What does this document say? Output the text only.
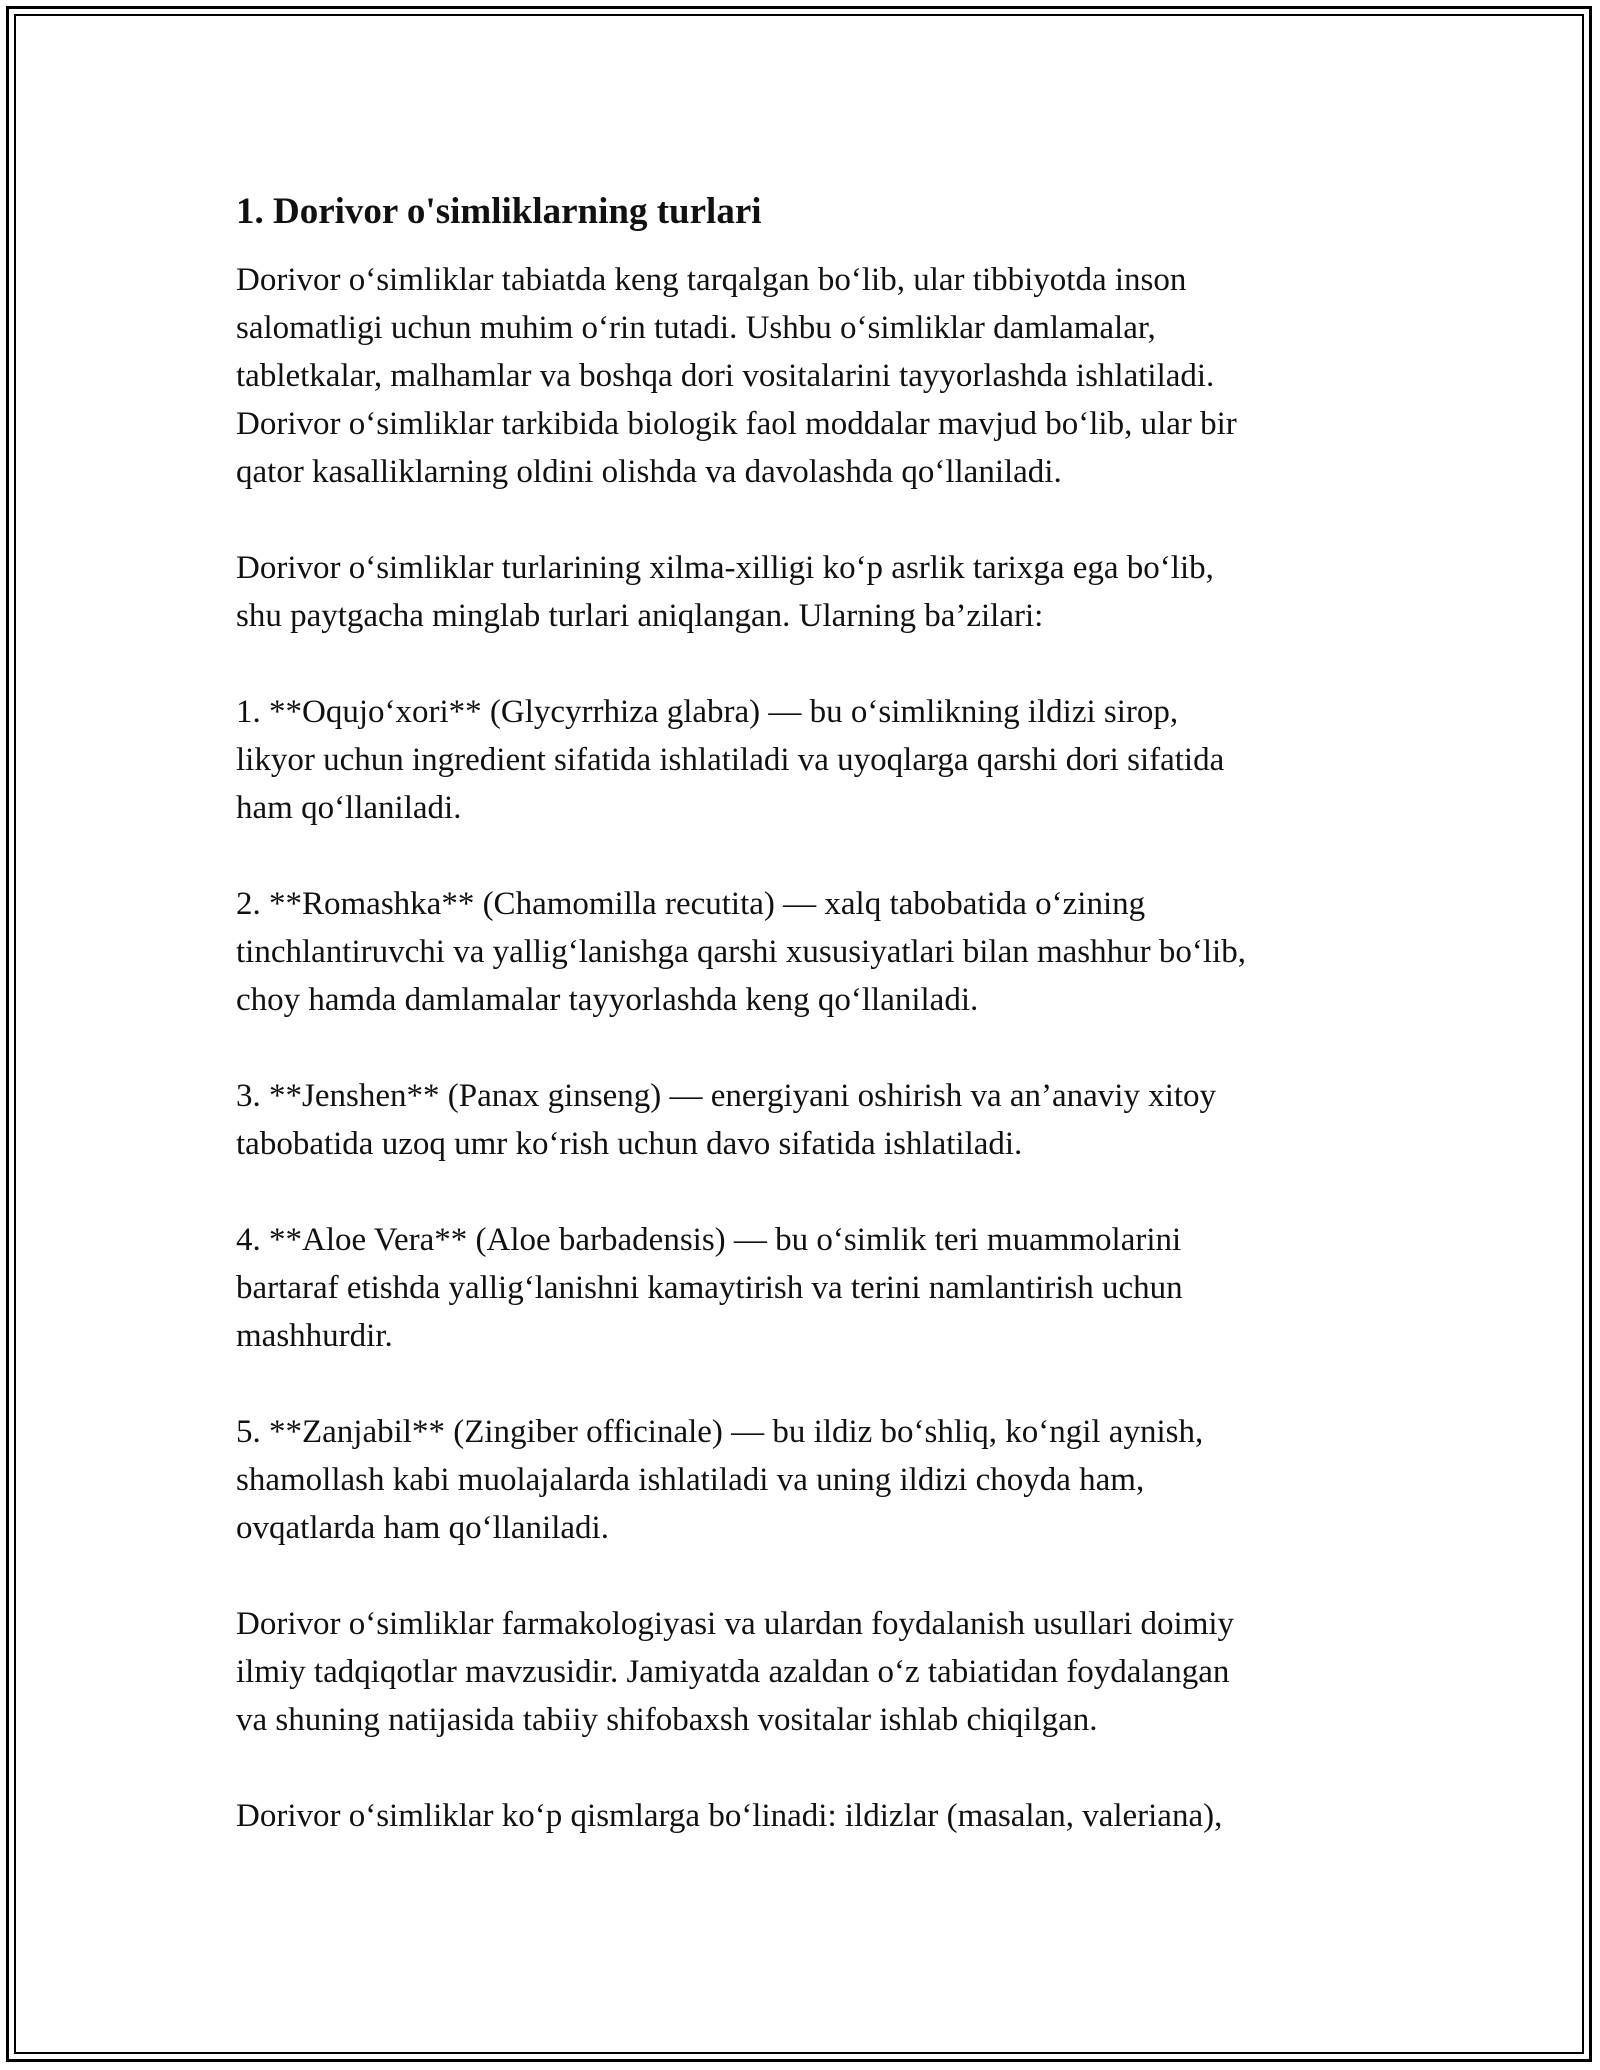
1. Dorivor o'simliklarning turlari
Dorivor o‘simliklar tabiatda keng tarqalgan bo‘lib, ular tibbiyotda inson
salomatligi uchun muhim o‘rin tutadi. Ushbu o‘simliklar damlamalar,
tabletkalar, malhamlar va boshqa dori vositalarini tayyorlashda ishlatiladi.
Dorivor o‘simliklar tarkibida biologik faol moddalar mavjud bo‘lib, ular bir
qator kasalliklarning oldini olishda va davolashda qo‘llaniladi.
Dorivor o‘simliklar turlarining xilma-xilligi ko‘p asrlik tarixga ega bo‘lib,
shu paytgacha minglab turlari aniqlangan. Ularning ba’zilari:
1. **Oqujo‘xori** (Glycyrrhiza glabra) — bu o‘simlikning ildizi sirop,
likyor uchun ingredient sifatida ishlatiladi va uyoqlarga qarshi dori sifatida
ham qo‘llaniladi.
2. **Romashka** (Chamomilla recutita) — xalq tabobatida o‘zining
tinchlantiruvchi va yallig‘lanishga qarshi xususiyatlari bilan mashhur bo‘lib,
choy hamda damlamalar tayyorlashda keng qo‘llaniladi.
3. **Jenshen** (Panax ginseng) — energiyani oshirish va an’anaviy xitoy
tabobatida uzoq umr ko‘rish uchun davo sifatida ishlatiladi.
4. **Aloe Vera** (Aloe barbadensis) — bu o‘simlik teri muammolarini
bartaraf etishda yallig‘lanishni kamaytirish va terini namlantirish uchun
mashhurdir.
5. **Zanjabil** (Zingiber officinale) — bu ildiz bo‘shliq, ko‘ngil aynish,
shamollash kabi muolajalarda ishlatiladi va uning ildizi choyda ham,
ovqatlarda ham qo‘llaniladi.
Dorivor o‘simliklar farmakologiyasi va ulardan foydalanish usullari doimiy
ilmiy tadqiqotlar mavzusidir. Jamiyatda azaldan o‘z tabiatidan foydalangan
va shuning natijasida tabiiy shifobaxsh vositalar ishlab chiqilgan.
Dorivor o‘simliklar ko‘p qismlarga bo‘linadi: ildizlar (masalan, valeriana),
